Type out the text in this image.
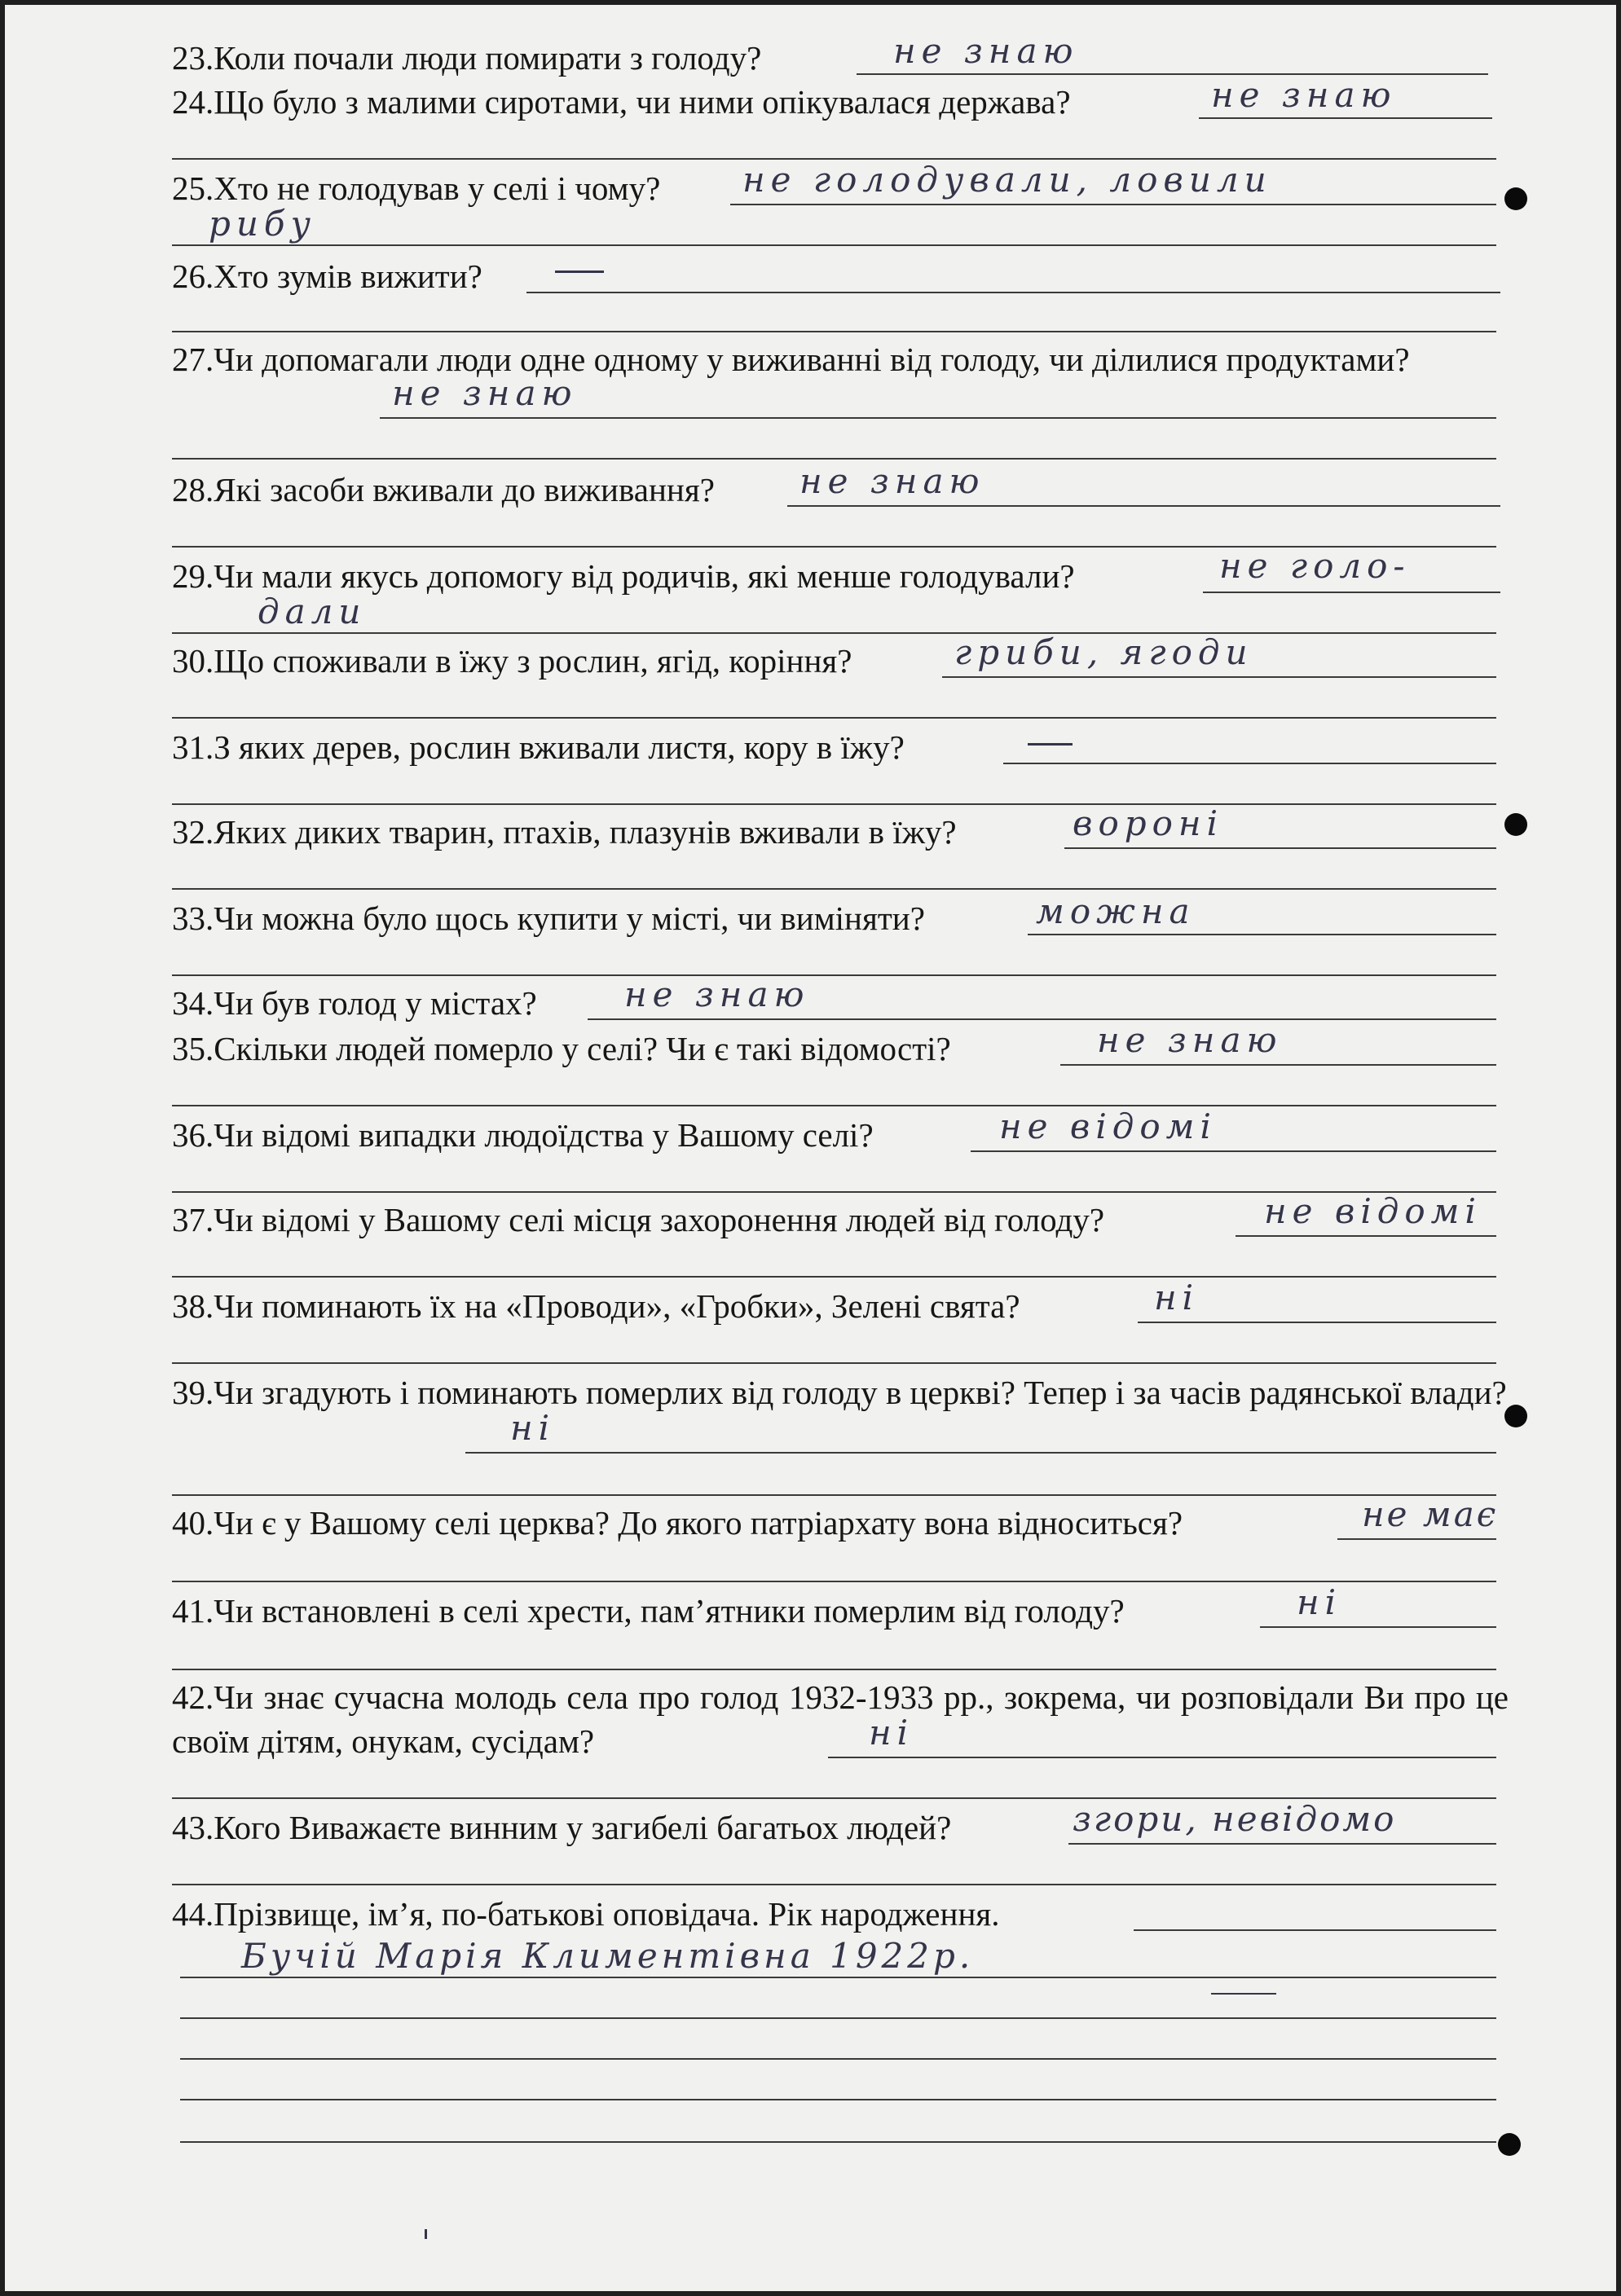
23.Коли почали люди помирати з голоду?	не знаю
24.Що було з малими сиротами, чи ними опікувалася держава?	не знаю
25.Хто не голодував у селі і чому?	не голодували, ловили
рибу
26.Хто зумів вижити?
27.Чи допомагали люди одне одному у виживанні від голоду, чи ділилися продуктами?
не знаю
28.Які засоби вживали до виживання?	не знаю
29.Чи мали якусь допомогу від родичів, які менше голодували?	не голо-
дали
30.Що споживали в їжу з рослин, ягід, коріння?	гриби, ягоди
31.З яких дерев, рослин вживали листя, кору в їжу?
32.Яких диких тварин, птахів, плазунів вживали в їжу?	вороні
33.Чи можна було щось купити у місті, чи виміняти?	можна
34.Чи був голод у містах?	не знаю
35.Скільки людей померло у селі? Чи є такі відомості?	не знаю
36.Чи відомі випадки людоїдства у Вашому селі?	не відомі
37.Чи відомі у Вашому селі місця захоронення людей від голоду?	не відомі
38.Чи поминають їх на «Проводи», «Гробки», Зелені свята?	ні
39.Чи згадують і поминають померлих від голоду в церкві? Тепер і за часів радянської влади?
ні
40.Чи є у Вашому селі церква? До якого патріархату вона відноситься?	не має
41.Чи встановлені в селі хрести, пам’ятники померлим від голоду?	ні
42.Чи знає сучасна молодь села про голод 1932-1933 рр., зокрема, чи розповідали Ви про це своїм дітям, онукам, сусідам?	ні
43.Кого Виважаєте винним у загибелі багатьох людей?	згори, невідомо
44.Прізвище, ім’я, по-батькові оповідача. Рік народження.
Бучій Марія Климентівна 1922р.
